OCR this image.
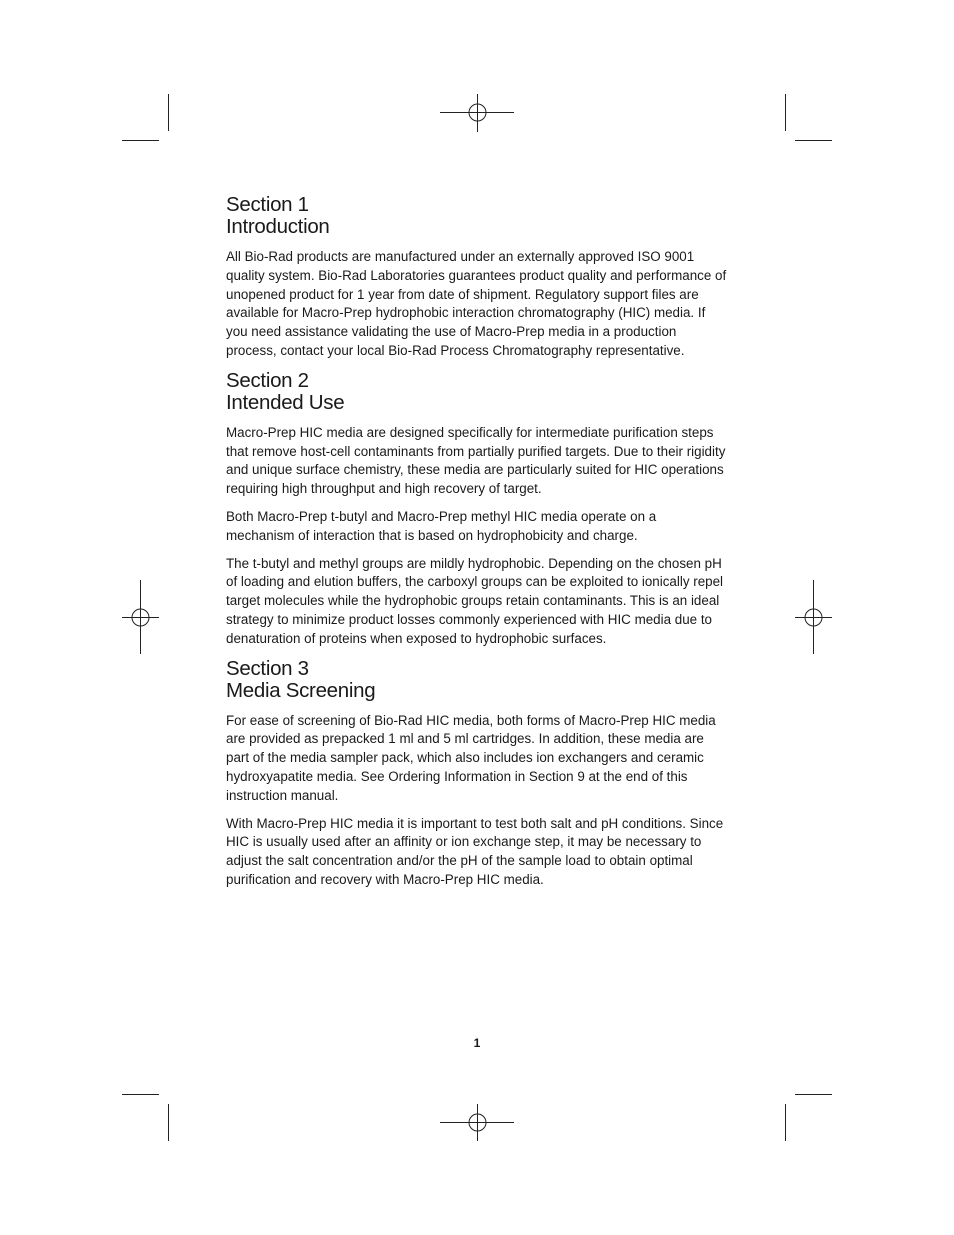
Section 1
Introduction

All Bio-Rad products are manufactured under an externally approved ISO 9001 quality system. Bio-Rad Laboratories guarantees product quality and performance of unopened product for 1 year from date of shipment. Regulatory support files are available for Macro-Prep hydrophobic interaction chromatography (HIC) media. If you need assistance validating the use of Macro-Prep media in a production process, contact your local Bio-Rad Process Chromatography representative.

Section 2
Intended Use

Macro-Prep HIC media are designed specifically for intermediate purification steps that remove host-cell contaminants from partially purified targets. Due to their rigidity and unique surface chemistry, these media are particularly suited for HIC operations requiring high throughput and high recovery of target.

Both Macro-Prep t-butyl and Macro-Prep methyl HIC media operate on a mechanism of interaction that is based on hydrophobicity and charge.

The t-butyl and methyl groups are mildly hydrophobic. Depending on the chosen pH of loading and elution buffers, the carboxyl groups can be exploited to ionically repel target molecules while the hydrophobic groups retain contaminants. This is an ideal strategy to minimize product losses commonly experienced with HIC media due to denaturation of proteins when exposed to hydrophobic surfaces.

Section 3
Media Screening

For ease of screening of Bio-Rad HIC media, both forms of Macro-Prep HIC media are provided as prepacked 1 ml and 5 ml cartridges. In addition, these media are part of the media sampler pack, which also includes ion exchangers and ceramic hydroxyapatite media. See Ordering Information in Section 9 at the end of this instruction manual.

With Macro-Prep HIC media it is important to test both salt and pH conditions. Since HIC is usually used after an affinity or ion exchange step, it may be necessary to adjust the salt concentration and/or the pH of the sample load to obtain optimal purification and recovery with Macro-Prep HIC media.

1
